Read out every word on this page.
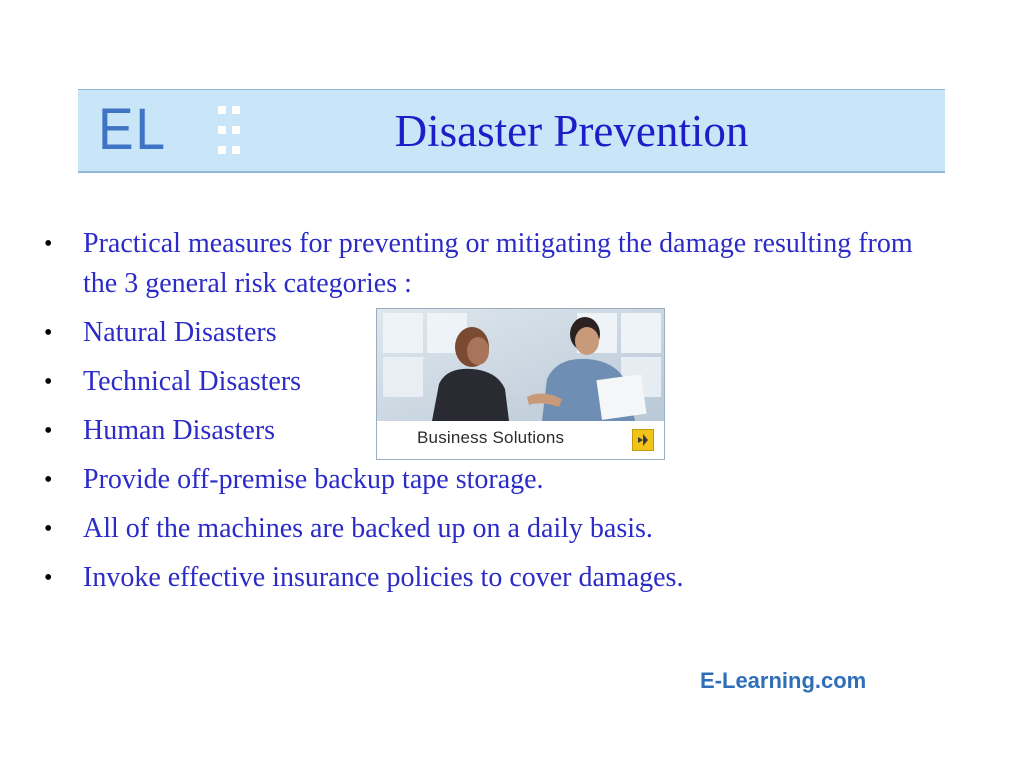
EL	Disaster Prevention
• Practical measures for preventing or mitigating the damage resulting from the 3 general risk categories :
• Natural Disasters
• Technical Disasters
• Human Disasters
• Provide off-premise backup tape storage.
• All of the machines are backed up on a daily basis.
• Invoke effective insurance policies to cover damages.
Business Solutions
E-Learning.com
